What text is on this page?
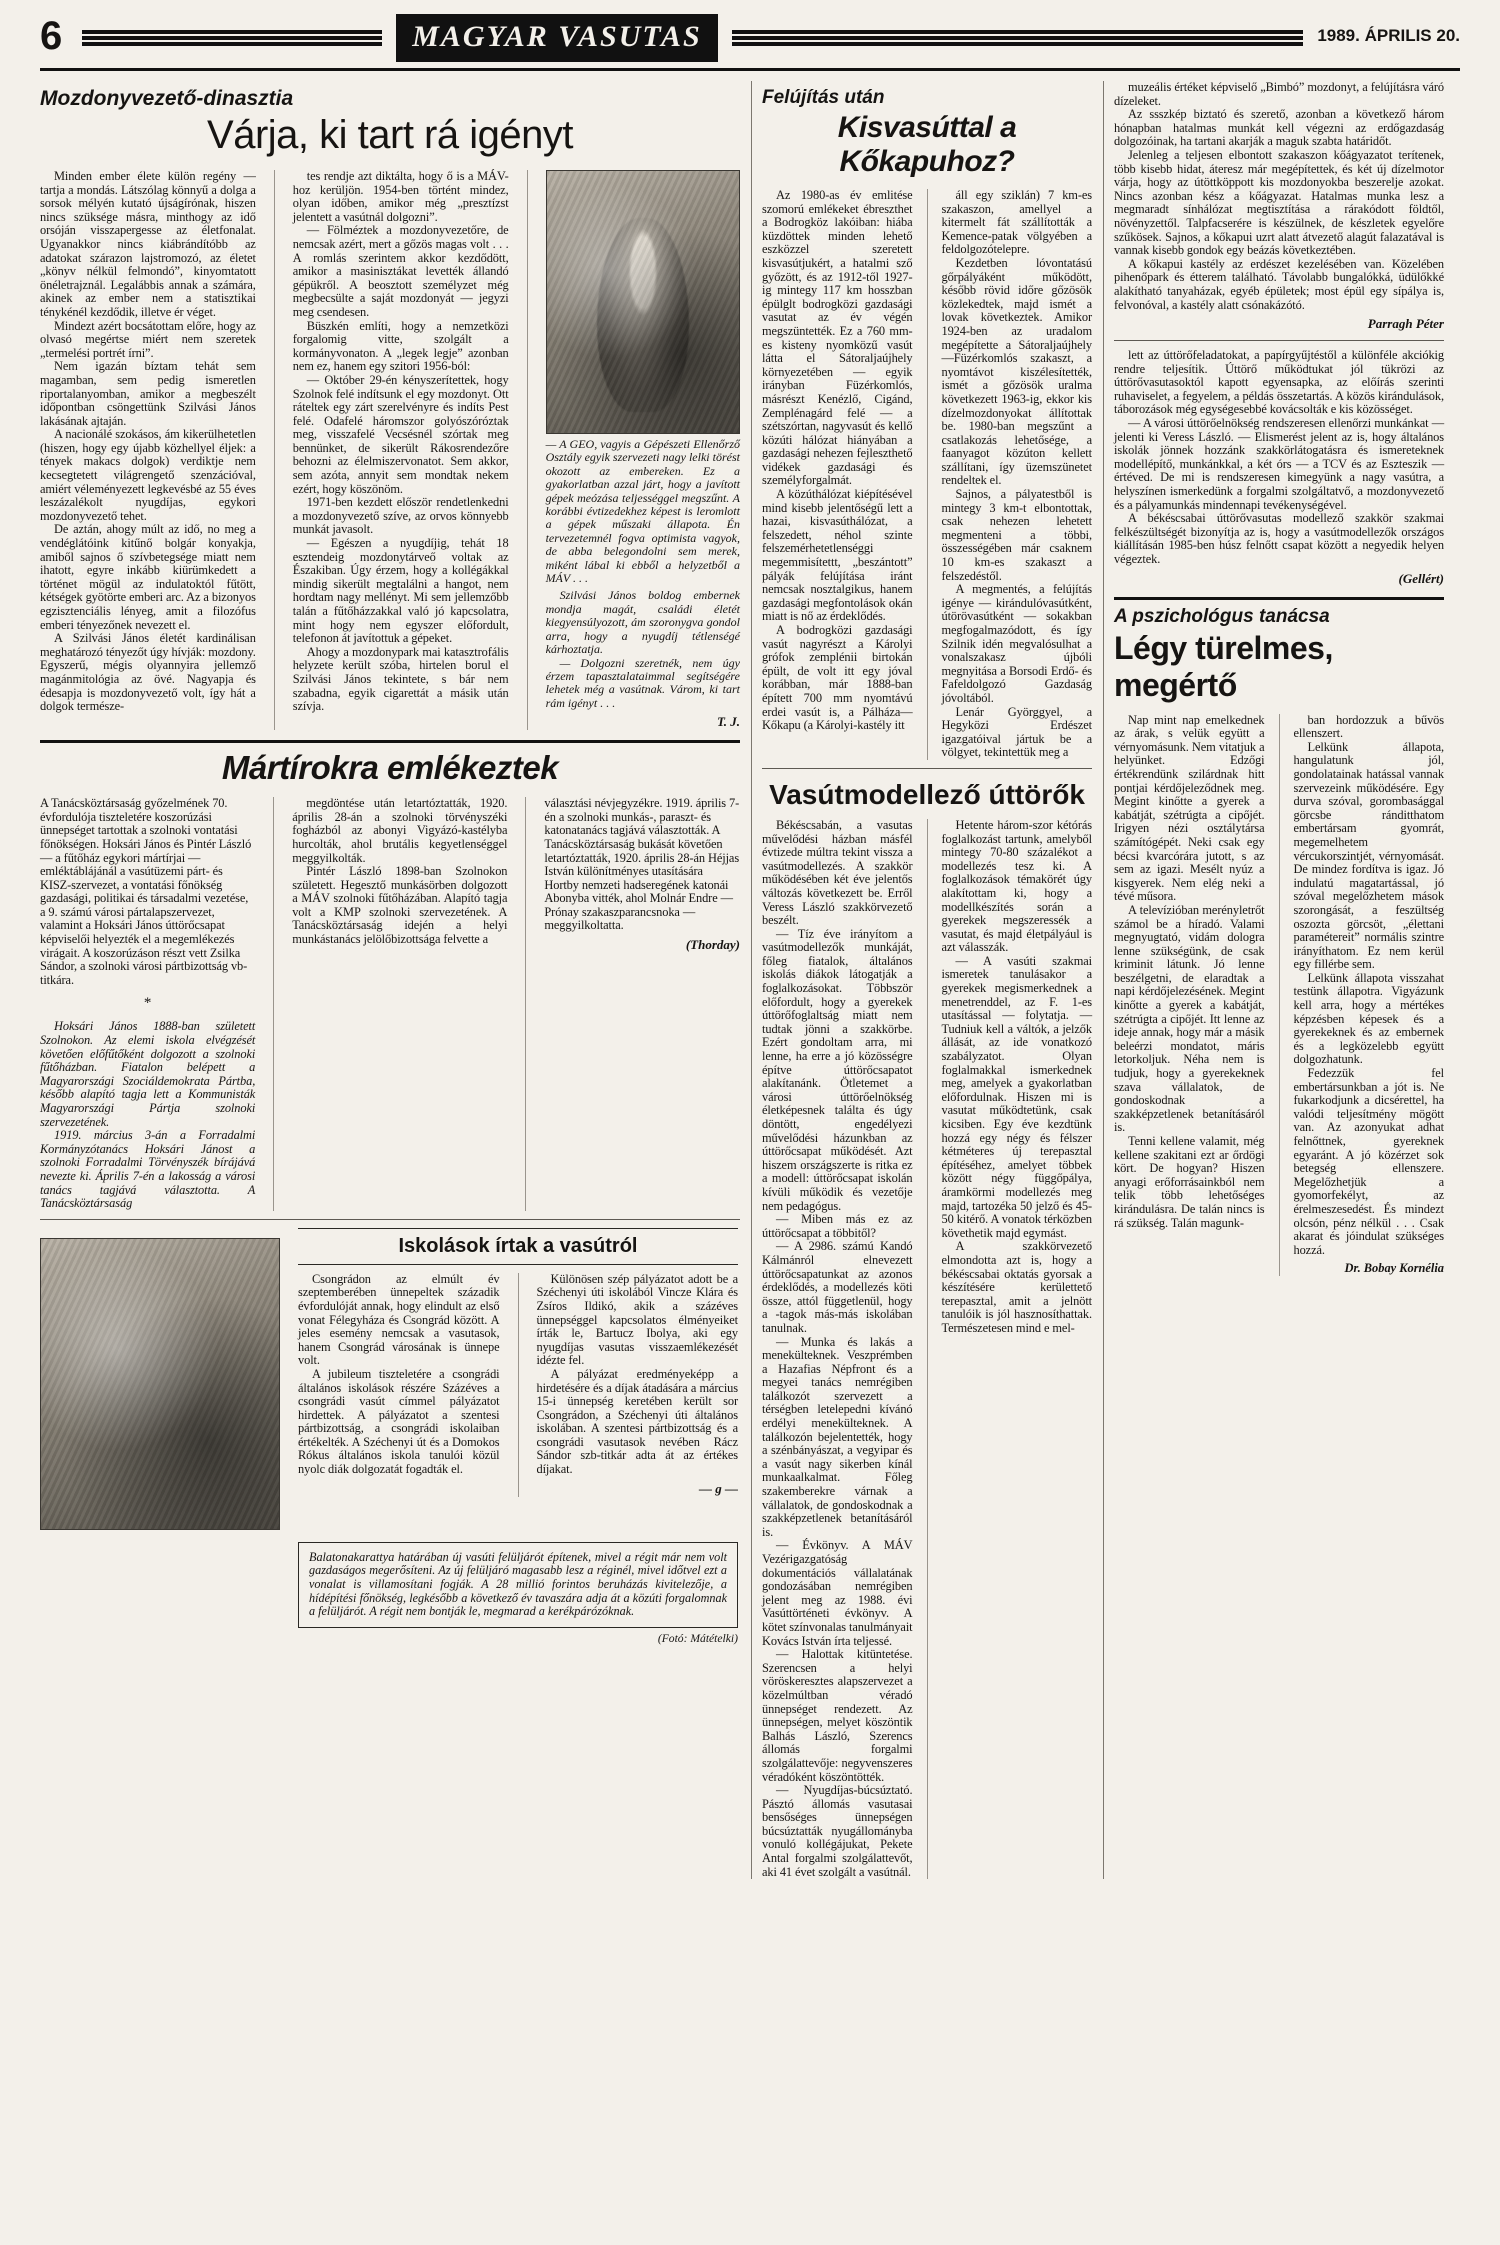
6	MAGYAR VASUTAS	1989. ÁPRILIS 20.
Mozdonyvezető-dinasztia
Várja, ki tart rá igényt

Minden ember élete külön regény — tartja a mondás. Látszólag könnyű a dolga a sorsok mélyén kutató újságírónak, hiszen nincs szüksége másra, minthogy az idő orsóján visszapergesse az életfonalat. Ugyanakkor nincs kiábrándítóbb az adatokat szárazon lajstromozó, az életet „könyv nélkül felmondó”, kinyomtatott önéletrajznál. Legalábbis annak a számára, akinek az ember nem a statisztikai ténykénél kezdődik, illetve ér véget.

Mindezt azért bocsátottam előre, hogy az olvasó megértse miért nem szeretek „termelési portrét írni”.

Nem igazán bíztam tehát sem magamban, sem pedig ismeretlen riportalanyomban, amikor a megbeszélt időpontban csöngettünk Szilvási János lakásának ajtaján.

A nacionálé szokásos, ám kikerülhetetlen (hiszen, hogy egy újabb közhellyel éljek: a tények makacs dolgok) verdiktje nem kecsegtetett világrengető szenzációval, amiért véleményezett legkevésbé az 55 éves leszázalékolt nyugdíjas, egykori mozdonyvezető tehet.

De aztán, ahogy múlt az idő, no meg a vendéglátóink kitűnő bolgár konyakja, amiből sajnos ő szívbetegsége miatt nem ihatott, egyre inkább kiürümkedett a történet mögül az indulatoktól fűtött, kétségek gyötörte emberi arc. Az a bizonyos egzisztenciális lényeg, amit a filozófus emberi tényezőnek nevezett el.

A Szilvási János életét kardinálisan meghatározó tényezőt úgy hívják: mozdony. Egyszerű, mégis olyannyira jellemző magánmitológia az övé. Nagyapja és édesapja is mozdonyvezető volt, így hát a dolgok természe-

tes rendje azt diktálta, hogy ő is a MÁV-hoz kerüljön. 1954-ben történt mindez, olyan időben, amikor még „presztízst jelentett a vasútnál dolgozni”.

— Fölméztek a mozdonyvezetőre, de nemcsak azért, mert a gőzös magas volt . . . A romlás szerintem akkor kezdődött, amikor a masinisztákat levették állandó gépükről. A beosztott személyzet még megbecsülte a saját mozdonyát — jegyzi meg csendesen.

Büszkén említi, hogy a nemzetközi forgalomig vitte, szolgált a kormányvonaton. A „legek legje” azonban nem ez, hanem egy szitori 1956-ból:

— Október 29-én kényszerítettek, hogy Szolnok felé indítsunk el egy mozdonyt. Ott ráteltek egy zárt szerelvényre és indíts Pest felé. Odafelé háromszor golyószóróztak meg, visszafelé Vecsésnél szórtak meg bennünket, de sikerült Rákosrendezőre behozni az élelmiszervonatot. Sem akkor, sem azóta, annyit sem mondtak nekem ezért, hogy köszönöm.

1971-ben kezdett először rendetlenkedni a mozdonyvezető szíve, az orvos könnyebb munkát javasolt.

— Egészen a nyugdíjig, tehát 18 esztendeig mozdonytárveő voltak az Északiban. Úgy érzem, hogy a kollégákkal mindig sikerült megtalálni a hangot, nem hordtam nagy mellényt. Mi sem jellemzőbb talán a fűtőházzakkal való jó kapcsolatra, mint hogy nem egyszer előfordult, telefonon át javítottuk a gépeket.

Ahogy a mozdonypark mai katasztrofális helyzete került szóba, hirtelen borul el Szilvási János tekintete, s bár nem szabadna, egyik cigarettát a másik után szívja.

— A GEO, vagyis a Gépészeti Ellenőrző Osztály egyik szervezeti nagy lelki törést okozott az embereken. Ez a gyakorlatban azzal járt, hogy a javított gépek meózása teljességgel megszűnt. A korábbi évtizedekhez képest is leromlott a gépek műszaki állapota. Én tervezetemnél fogva optimista vagyok, de abba belegondolni sem merek, miként lábal ki ebből a helyzetből a MÁV . . .

Szilvási János boldog embernek mondja magát, családi életét kiegyensúlyozott, ám szoronygva gondol arra, hogy a nyugdíj tétlenségé kárhoztatja.

— Dolgozni szeretnék, nem úgy érzem tapasztalataimmal segítségére lehetek még a vasútnak. Várom, ki tart rám igényt . . .

T. J.
Mártírokra emlékeztek
A Tanácsköztársaság győzelmének 70. évfordulója tiszteletére koszorúzási ünnepséget tartottak a szolnoki vontatási főnökségen. Hoksári János és Pintér László — a fűtőház egykori mártírjai — emléktáblájánál a vasútüzemi párt- és KISZ-szervezet, a vontatási főnökség gazdasági, politikai és társadalmi vezetése, a 9. számú városi pártalapszervezet, valamint a Hoksári János úttörőcsapat képviselői helyezték el a megemlékezés virágait. A koszorúzáson részt vett Zsilka Sándor, a szolnoki városi pártbizottság vb-titkára.
*

Hoksári János 1888-ban született Szolnokon. Az elemi iskola elvégzését követően előfűtőként dolgozott a szolnoki fűtőházban. Fiatalon belépett a Magyarországi Szociáldemokrata Pártba, később alapító tagja lett a Kommunisták Magyarországi Pártja szolnoki szervezetének.

1919. március 3-án a Forradalmi Kormányzótanács Hoksári Jánost a szolnoki Forradalmi Törvényszék bírájává nevezte ki. Április 7-én a lakosság a városi tanács tagjává választotta. A Tanácsköztársaság

megdöntése után letartóztatták, 1920. április 28-án a szolnoki törvényszéki fogházból az abonyi Vigyázó-kastélyba hurcolták, ahol brutális kegyetlenséggel meggyilkolták.

Pintér László 1898-ban Szolnokon született. Hegesztő munkásörben dolgozott a MÁV szolnoki fűtőházában. Alapító tagja volt a KMP szolnoki szervezetének. A Tanácsköztársaság idején a helyi munkástanács jelölőbizottsága felvette a

választási névjegyzékre. 1919. április 7-én a szolnoki munkás-, paraszt- és katonatanács tagjává választották. A Tanácsköztársaság bukását követően letartóztatták, 1920. április 28-án Héjjas István különítményes utasítására Hortby nemzeti hadseregének katonái Abonyba vitték, ahol Molnár Endre — Prónay szakaszparancsnoka — meggyilkoltatta.
(Thorday)
Iskolások írtak a vasútról

Csongrádon az elmúlt év szeptemberében ünnepeltek századik évfordulóját annak, hogy elindult az első vonat Félegyháza és Csongrád között. A jeles esemény nemcsak a vasutasok, hanem Csongrád városának is ünnepe volt.

A jubileum tiszteletére a csongrádi általános iskolások részére Százéves a csongrádi vasút címmel pályázatot hirdettek. A pályázatot a szentesi pártbizottság, a csongrádi iskolaiban értékelték. A Széchenyi út és a Domokos Rókus általános iskola tanulói közül nyolc diák dolgozatát fogadták el.

Különösen szép pályázatot adott be a Széchenyi úti iskolából Vincze Klára és Zsíros Ildikó, akik a százéves ünnepséggel kapcsolatos élményeiket írták le, Bartucz Ibolya, aki egy nyugdíjas vasutas visszaemlékezését idézte fel.

A pályázat eredményeképp a hirdetésére és a díjak átadására a március 15-i ünnepség keretében került sor Csongrádon, a Széchenyi úti általános iskolában. A szentesi pártbizottság és a csongrádi vasutasok nevében Rácz Sándor szb-titkár adta át az értékes díjakat.

— g —
Balatonakarattya határában új vasúti felüljárót építenek, mivel a régit már nem volt gazdaságos megerősíteni. Az új felüljáró magasabb lesz a réginél, mivel időtvel ezt a vonalat is villamosítani fogják. A 28 millió forintos beruházás kivitelezője, a hídépítési főnökség, legkésőbb a következő év tavaszára adja át a közúti forgalomnak a felüljárót. A régit nem bontják le, megmarad a kerékpárózóknak.
(Fotó: Mátételki)
Felújítás után
Kisvasúttal a Kőkapuhoz?

Az 1980-as év emlitése szomorú emlékeket ébreszthet a Bodrogköz lakóiban: hiába küzdöttek minden lehető eszközzel szeretett kisvasútjukért, a hatalmi sző győzött, és az 1912-től 1927-ig mintegy 117 km hosszban épülglt bodrogközi gazdasági vasutat az év végén megszüntették. Ez a 760 mm-es kisteny nyomközű vasút látta el Sátoraljaújhely környezetében — egyik irányban Füzérkomlós, másrészt Kenézlő, Cigánd, Zemplénagárd felé — a szétszórtan, nagyvasút és kellő közúti hálózat hiányában a gazdasági nehezen fejleszthető vidékek gazdasági és személyforgalmát.

A közúthálózat kiépítésével mind kisebb jelentőségű lett a hazai, kisvasúthálózat, a felszedett, néhol szinte felszemérhetetlenséggi megemmisítettt, „beszántott” pályák felújítása iránt nemcsak nosztalgikus, hanem gazdasági megfontolások okán miatt is nő az érdeklődés.

A bodrogközi gazdasági vasút nagyrészt a Károlyi grófok zemplénii birtokán épült, de volt itt egy jóval korábban, már 1888-ban épített 700 mm nyomtávú erdei vasút is, a Pálháza—Kőkapu (a Károlyi-kastély itt

áll egy sziklán) 7 km-es szakaszon, amellyel a kitermelt fát szállították a Kemence-patak völgyében a feldolgozótelepre.

Kezdetben lóvontatású gőrpályáként működött, később rövid időre gőzösök közlekedtek, majd ismét a lovak következtek. Amikor 1924-ben az uradalom megépítette a Sátoraljaújhely—Füzérkomlós szakaszt, a nyomtávot kiszélesítették, ismét a gőzösök uralma következett 1963-ig, ekkor kis dízelmozdonyokat állítottak be. 1980-ban megszűnt a csatlakozás lehetősége, a faanyagot közúton kellett szállítani, így üzemszünetet rendeltek el.

Sajnos, a pályatestből is mintegy 3 km-t elbontottak, csak nehezen lehetett megmenteni a többi, összességében már csaknem 10 km-es szakaszt a felszedéstől.

A megmentés, a felújítás igénye — kirándulóvasútként, útörövasútként — sokakban megfogalmazódott, és így Szilnik idén megvalósulhat a vonalszakasz újbóli megnyitása a Borsodi Erdő- és Fafeldolgozó Gazdaság jóvoltából.

Lenár Györggyel, a Hegyközi Erdészet igazgatóival jártuk be a völgyet, tekintettük meg a

Vasútmodellező úttörők

Békéscsabán, a vasutas művelődési házban másfél évtizede múltra tekint vissza a vasútmodellezés. A szakkör működésében két éve jelentős változás következett be. Erről Veress László szakkörvezető beszélt.

— Tíz éve irányítom a vasútmodellezők munkáját, főleg fiatalok, általános iskolás diákok látogatják a foglalkozásokat. Többször előfordult, hogy a gyerekek úttörőfoglaltság miatt nem tudtak jönni a szakkörbe. Ezért gondoltam arra, mi lenne, ha erre a jó közösségre építve úttörőcsapatot alakítanánk. Ötletemet a városi úttörőelnökség életképesnek találta és úgy döntött, engedélyezi művelődési házunkban az úttörőcsapat működését. Azt hiszem országszerte is ritka ez a modell: úttörőcsapat iskolán kívüli működik és vezetője nem pedagógus.

— Miben más ez az úttörőcsapat a többitől?

— A 2986. számú Kandó Kálmánról elnevezett úttörőcsapatunkat az azonos érdeklődés, a modellezés köti össze, attól függetlenül, hogy a -tagok más-más iskolában tanulnak.

— Munka és lakás a menekülteknek. Veszprémben a Hazafias Népfront és a megyei tanács nemrégiben találkozót szervezett a térségben letelepedni kívánó erdélyi menekülteknek. A találkozón bejelentették, hogy a szénbányászat, a vegyipar és a vasút nagy sikerben kínál munkaalkalmat. Főleg szakemberekre várnak a vállalatok, de gondoskodnak a szakképzetlenek betanításáról is.

— Évkönyv. A MÁV Vezérigazgatóság dokumentációs vállalatának gondozásában nemrégiben jelent meg az 1988. évi Vasúttörténeti évkönyv. A kötet színvonalas tanulmányait Kovács István írta teljessé.

— Halottak kitüntetése. Szerencsen a helyi vöröskeresztes alapszervezet a közelmúltban véradó ünnepséget rendezett. Az ünnepségen, melyet köszöntik Balhás László, Szerencs állomás forgalmi szolgálattevője: negyvenszeres véradóként köszöntötték.

— Nyugdíjas-búcsúztató. Pásztó állomás vasutasai bensőséges ünnepségen búcsúztatták nyugállományba vonuló kollégájukat, Pekete Antal forgalmi szolgálattevőt, aki 41 évet szolgált a vasútnál.

Hetente három-szor kétórás foglalkozást tartunk, amelyből mintegy 70-80 százalékot a modellezés tesz ki. A foglalkozások témakörét úgy alakítottam ki, hogy a modellkészítés során a gyerekek megszeressék a vasutat, és majd életpályául is azt válasszák.

— A vasúti szakmai ismeretek tanulásakor a gyerekek megismerkednek a menetrenddel, az F. 1-es utasítással — folytatja. — Tudniuk kell a váltók, a jelzők állását, az ide vonatkozó szabályzatot. Olyan foglalmakkal ismerkednek meg, amelyek a gyakorlatban előfordulnak. Hiszen mi is vasutat működtetünk, csak kicsiben. Egy éve kezdtünk hozzá egy négy és félszer kétméteres új terepasztal építéséhez, amelyet többek között négy függőpálya, áramkörmi modellezés meg majd, tartozéka 50 jelző és 45-50 kitérő. A vonatok térközben követhetik majd egymást.

A szakkörvezető elmondotta azt is, hogy a békéscsabai oktatás gyorsak a készítésére kerülettető terepasztal, amit a jelnött tanulóik is jól hasznosíthattak. Természetesen mind e mel-

muzeális értéket képviselő „Bimbó” mozdonyt, a felújításra váró dízeleket.

Az ssszkép biztató és szerető, azonban a következő három hónapban hatalmas munkát kell végezni az erdőgazdaság dolgozóinak, ha tartani akarják a maguk szabta határidőt.

Jelenleg a teljesen elbontott szakaszon kőágyazatot terítenek, több kisebb hidat, áteresz már megépítettek, és két új dízelmotor várja, hogy az útöttköppott kis mozdonyokba beszerelje azokat. Nincs azonban kész a kőágyazat. Hatalmas munka lesz a megmaradt sínhálózat megtisztítása a rárakódott földtől, növényzettől. Talpfacserére is készülnek, de készletek egyelőre szűkösek. Sajnos, a kőkapui uzrt alatt átvezető alagút falazatával is vannak kisebb gondok egy beázás következtében.

A kőkapui kastély az erdészet kezelésében van. Közelében pihenőpark és étterem található. Távolabb bungalókká, üdülőkké alakítható tanyaházak, egyéb épületek; most épül egy sípálya is, felvonóval, a kastély alatt csónakázótó.

Parragh Péter

lett az úttörőfeladatokat, a papírgyűjtéstől a különféle akciókig rendre teljesítik. Úttörő működtukat jól tükrözi az úttörővasutasoktól kapott egyensapka, az előírás szerinti ruhaviselet, a fegyelem, a példás összetartás. A közös kirándulások, táborozások még egységesebbé kovácsolták e kis közösséget.

— A városi úttörőelnökség rendszeresen ellenőrzi munkánkat — jelenti ki Veress László. — Elismerést jelent az is, hogy általános iskolák jönnek hozzánk szakkörlátogatásra és ismereteknek modellépítő, munkánkkal, a két órs — a TCV és az Eszteszik — értéved. De mi is rendszeresen kimegyünk a nagy vasútra, a helyszínen ismerkedünk a forgalmi szolgáltatvő, a mozdonyvezető és a pályamunkás mindennapi tevékenységével.

A békéscsabai úttörővasutas modellező szakkör szakmai felkészültségét bizonyítja az is, hogy a vasútmodellezők országos kiállításán 1985-ben húsz felnőtt csapat között a negyedik helyen végeztek.

(Gellért)
A pszichológus tanácsa
Légy türelmes, megértő

Nap mint nap emelkednek az árak, s velük együtt a vérnyomásunk. Nem vitatjuk a helyünket. Edzőgi értékrendünk szilárdnak hitt pontjai kérdőjeleződnek meg. Megint kinőtte a gyerek a kabátját, szétrúgta a cipőjét. Irigyen nézi osztálytársa számítógépét. Neki csak egy bécsi kvarcórára jutott, s az sem az igazi. Mesélt nyúz a kisgyerek. Nem elég neki a tévé műsora.

A televízióban merényletrőt számol be a híradó. Valami megnyugtató, vidám dologra lenne szükségünk, de csak kriminit látunk. Jó lenne beszélgetni, de elaradtak a napi kérdőjelezésének. Megint kinőtte a gyerek a kabátját, szétrúgta a cipőjét. Itt lenne az ideje annak, hogy már a másik beleérzi mondatot, máris letorkoljuk. Néha nem is tudjuk, hogy a gyerekeknek szava vállalatok, de gondoskodnak a szakképzetlenek betanításáról is.

Tenni kellene valamit, még kellene szakitani ezt ar őrdögi kört. De hogyan? Hiszen anyagi erőforrásainkból nem telik több lehetőséges kirándulásra. De talán nincs is rá szükség. Talán magunk-

ban hordozzuk a bűvös ellenszert.

Lelkünk állapota, hangulatunk jól, gondolatainak hatással vannak szervezeink működésére. Egy durva szóval, gorombasággal görcsbe ránditthatom embertársam gyomrát, megemelhetem vércukorszintjét, vérnyomását. De mindez fordítva is igaz. Jó indulatú magatartással, jó szóval megelőzhetem mások szorongását, a feszültség oszozta görcsöt, „élettani paramétereit” normális szintre irányíthatom. Ez nem kerül egy fillérbe sem.

Lelkünk állapota visszahat testünk állapotra. Vigyázunk kell arra, hogy a mértékes képzésben képesek és a gyerekeknek és az embernek és a legközelebb együtt dolgozhatunk.

Fedezzük fel embertársunkban a jót is. Ne fukarkodjunk a dicsérettel, ha valódi teljesítmény mögött van. Az azonyukat adhat felnőttnek, gyereknek egyaránt. A jó közérzet sok betegség ellenszere. Megelőzhetjük a gyomorfekélyt, az érelmeszesedést. És mindezt olcsón, pénz nélkül . . . Csak akarat és jóindulat szükséges hozzá.

Dr. Bobay Kornélia
